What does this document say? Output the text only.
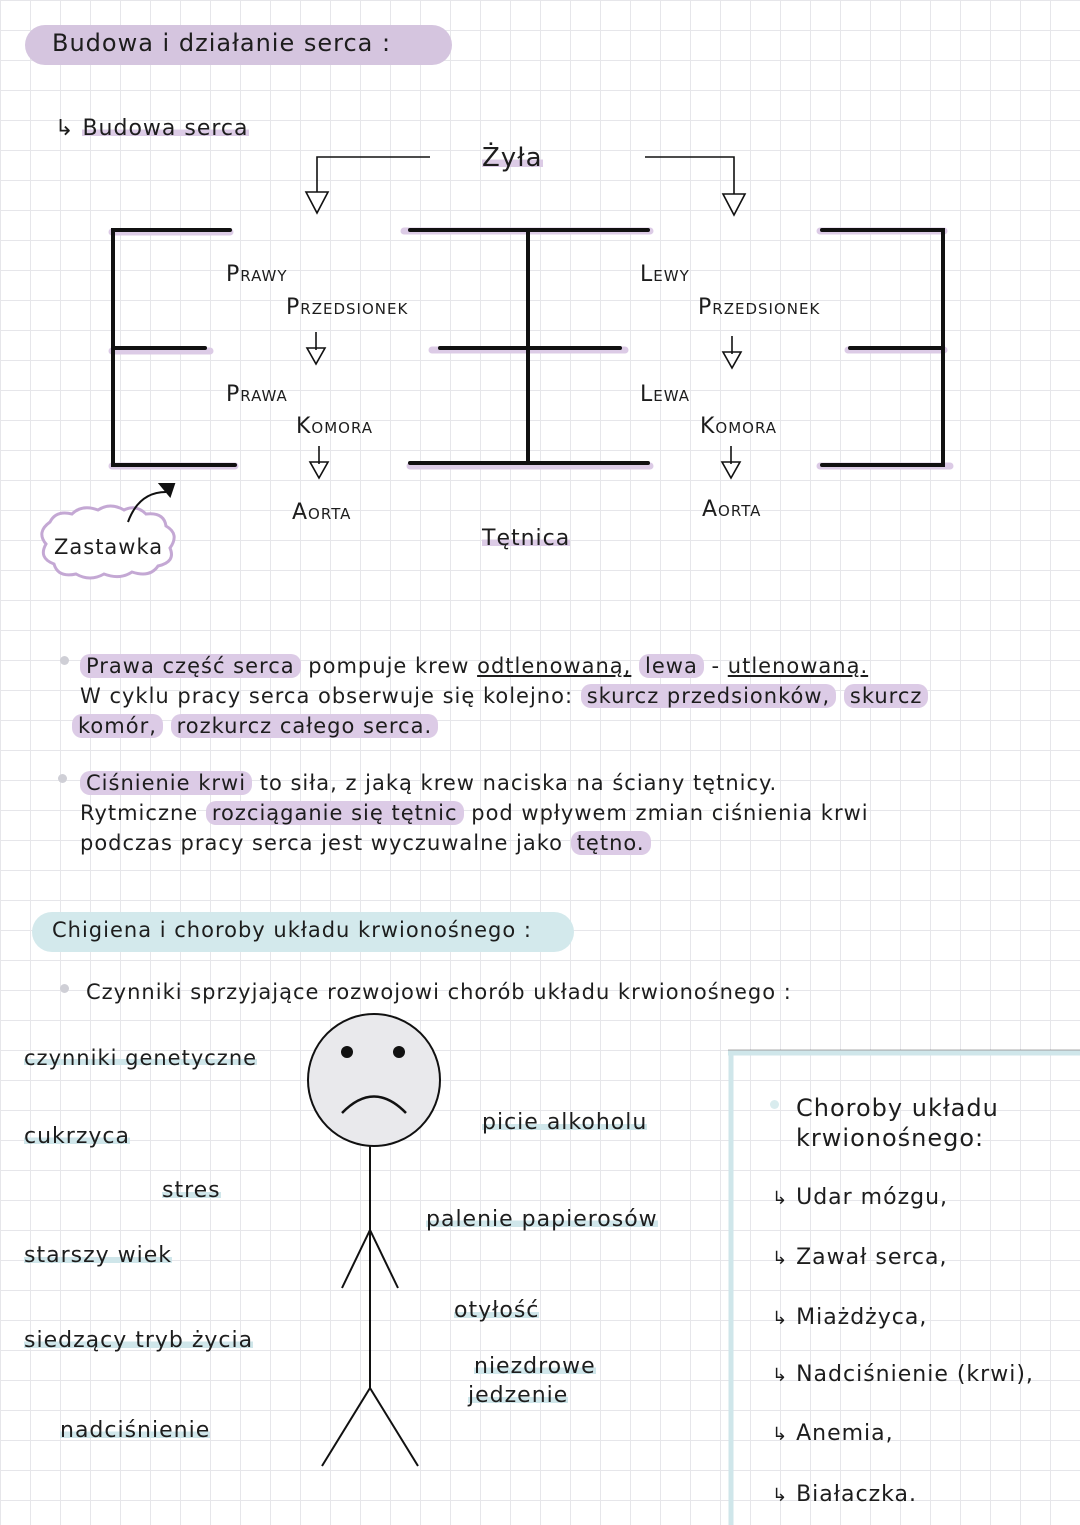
Budowa i działanie serca :
↳ Budowa serca
Żyła
Prawy
Przedsionek
Prawa
Komora
Aorta
Lewy
Przedsionek
Lewa
Komora
Aorta
Tętnica
Zastawka
Prawa część serca pompuje krew odtlenowaną, lewa - utlenowaną.
W cyklu pracy serca obserwuje się kolejno: skurcz przedsionków, skurcz
komór, rozkurcz całego serca.
Ciśnienie krwi to siła, z jaką krew naciska na ściany tętnicy.
Rytmiczne rozciąganie się tętnic pod wpływem zmian ciśnienia krwi
podczas pracy serca jest wyczuwalne jako tętno.
Chigiena i choroby układu krwionośnego :
Czynniki sprzyjające rozwojowi chorób układu krwionośnego :
czynniki genetyczne
cukrzyca
stres
starszy wiek
siedzący tryb życia
nadciśnienie
picie alkoholu
palenie papierosów
otyłość
niezdrowe
jedzenie
Choroby układu
krwionośnego:
↳ Udar mózgu,
↳ Zawał serca,
↳ Miażdżyca,
↳ Nadciśnienie (krwi),
↳ Anemia,
↳ Białaczka.
